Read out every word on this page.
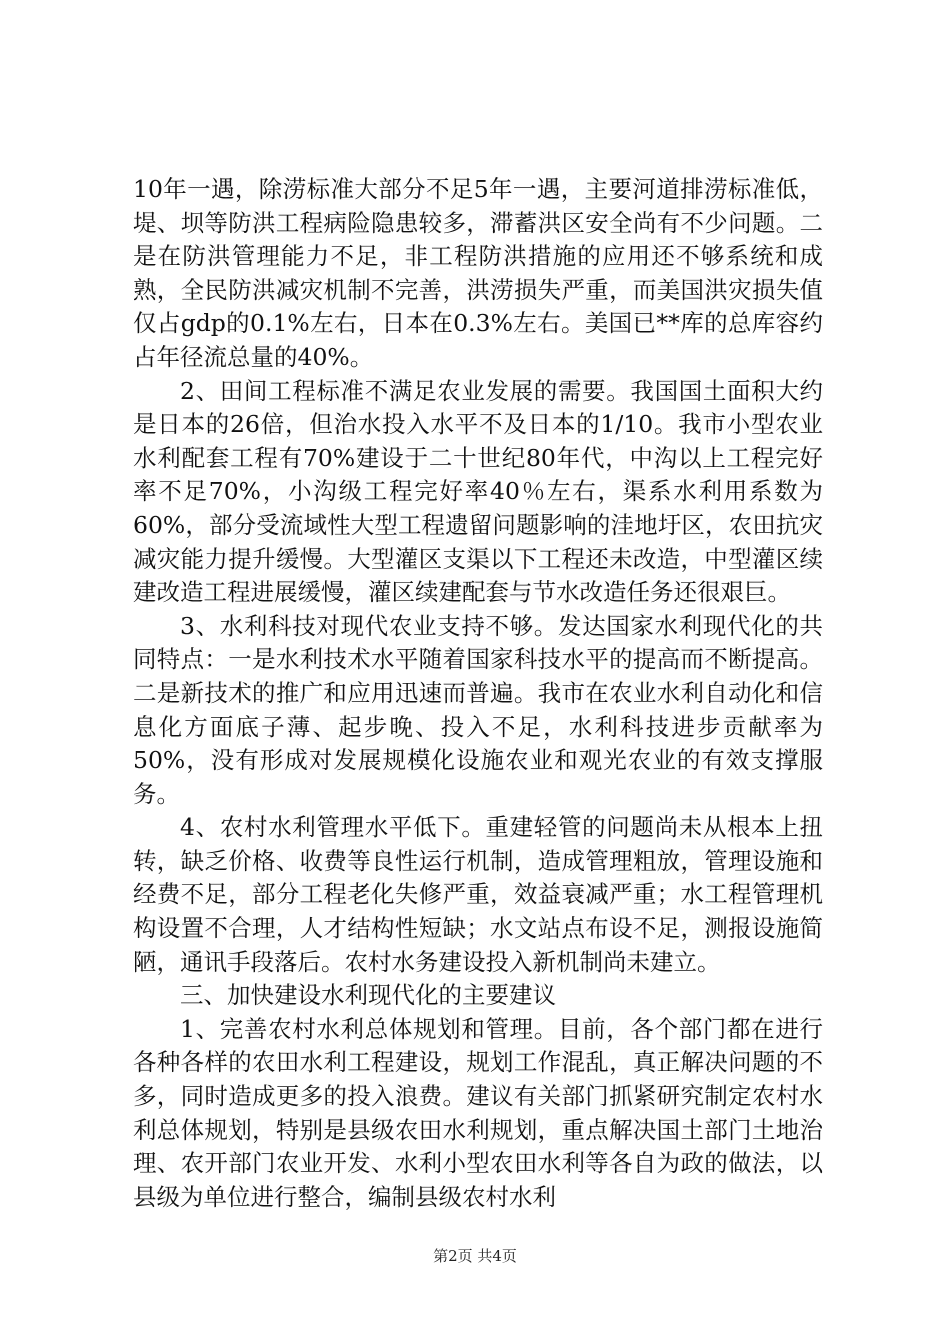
10年一遇，除涝标准大部分不足5年一遇，主要河道排涝标准低，堤、坝等防洪工程病险隐患较多，滞蓄洪区安全尚有不少问题。二是在防洪管理能力不足，非工程防洪措施的应用还不够系统和成熟，全民防洪减灾机制不完善，洪涝损失严重，而美国洪灾损失值仅占gdp的0.1%左右，日本在0.3%左右。美国已**库的总库容约占年径流总量的40%。

2、田间工程标准不满足农业发展的需要。我国国土面积大约是日本的26倍，但治水投入水平不及日本的1/10。我市小型农业水利配套工程有70%建设于二十世纪80年代，中沟以上工程完好率不足70%，小沟级工程完好率40％左右，渠系水利用系数为60%，部分受流域性大型工程遗留问题影响的洼地圩区，农田抗灾减灾能力提升缓慢。大型灌区支渠以下工程还未改造，中型灌区续建改造工程进展缓慢，灌区续建配套与节水改造任务还很艰巨。

3、水利科技对现代农业支持不够。发达国家水利现代化的共同特点：一是水利技术水平随着国家科技水平的提高而不断提高。二是新技术的推广和应用迅速而普遍。我市在农业水利自动化和信息化方面底子薄、起步晚、投入不足，水利科技进步贡献率为50%，没有形成对发展规模化设施农业和观光农业的有效支撑服务。

4、农村水利管理水平低下。重建轻管的问题尚未从根本上扭转，缺乏价格、收费等良性运行机制，造成管理粗放，管理设施和经费不足，部分工程老化失修严重，效益衰减严重；水工程管理机构设置不合理，人才结构性短缺；水文站点布设不足，测报设施简陋，通讯手段落后。农村水务建设投入新机制尚未建立。

三、加快建设水利现代化的主要建议

1、完善农村水利总体规划和管理。目前，各个部门都在进行各种各样的农田水利工程建设，规划工作混乱，真正解决问题的不多，同时造成更多的投入浪费。建议有关部门抓紧研究制定农村水利总体规划，特别是县级农田水利规划，重点解决国土部门土地治理、农开部门农业开发、水利小型农田水利等各自为政的做法，以县级为单位进行整合，编制县级农村水利

第2页 共4页
